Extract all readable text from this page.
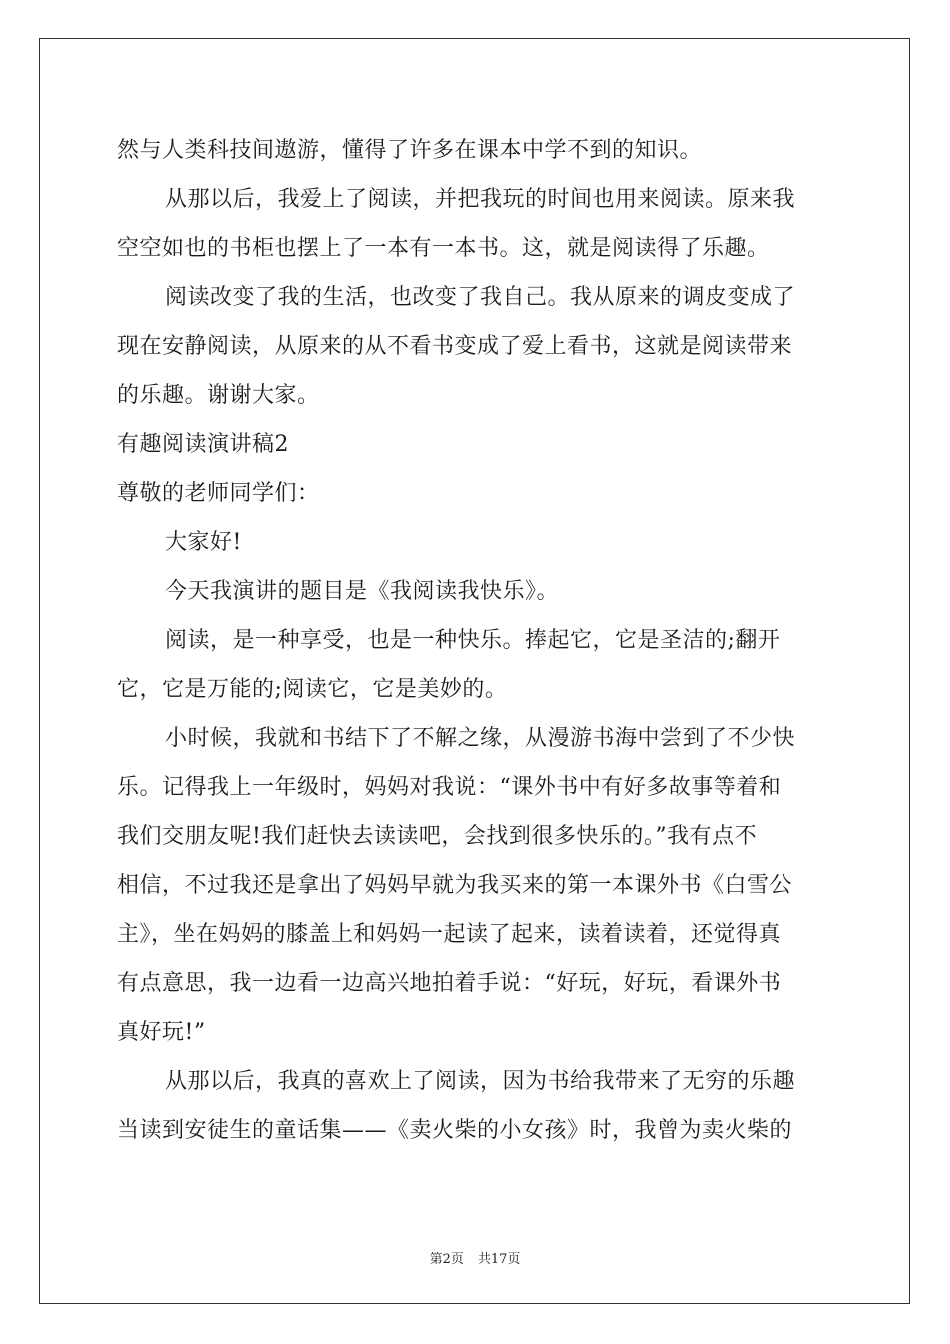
然与人类科技间遨游，懂得了许多在课本中学不到的知识。
从那以后，我爱上了阅读，并把我玩的时间也用来阅读。原来我
空空如也的书柜也摆上了一本有一本书。这，就是阅读得了乐趣。
阅读改变了我的生活，也改变了我自己。我从原来的调皮变成了
现在安静阅读，从原来的从不看书变成了爱上看书，这就是阅读带来
的乐趣。谢谢大家。
有趣阅读演讲稿2
尊敬的老师同学们：
大家好!
今天我演讲的题目是《我阅读我快乐》。
阅读，是一种享受，也是一种快乐。捧起它，它是圣洁的;翻开
它，它是万能的;阅读它，它是美妙的。
小时候，我就和书结下了不解之缘，从漫游书海中尝到了不少快
乐。记得我上一年级时，妈妈对我说：“课外书中有好多故事等着和
我们交朋友呢!我们赶快去读读吧，会找到很多快乐的。”我有点不
相信，不过我还是拿出了妈妈早就为我买来的第一本课外书《白雪公
主》，坐在妈妈的膝盖上和妈妈一起读了起来，读着读着，还觉得真
有点意思，我一边看一边高兴地拍着手说：“好玩，好玩，看课外书
真好玩!”
从那以后，我真的喜欢上了阅读，因为书给我带来了无穷的乐趣
当读到安徒生的童话集——《卖火柴的小女孩》时，我曾为卖火柴的
第2页 共17页
